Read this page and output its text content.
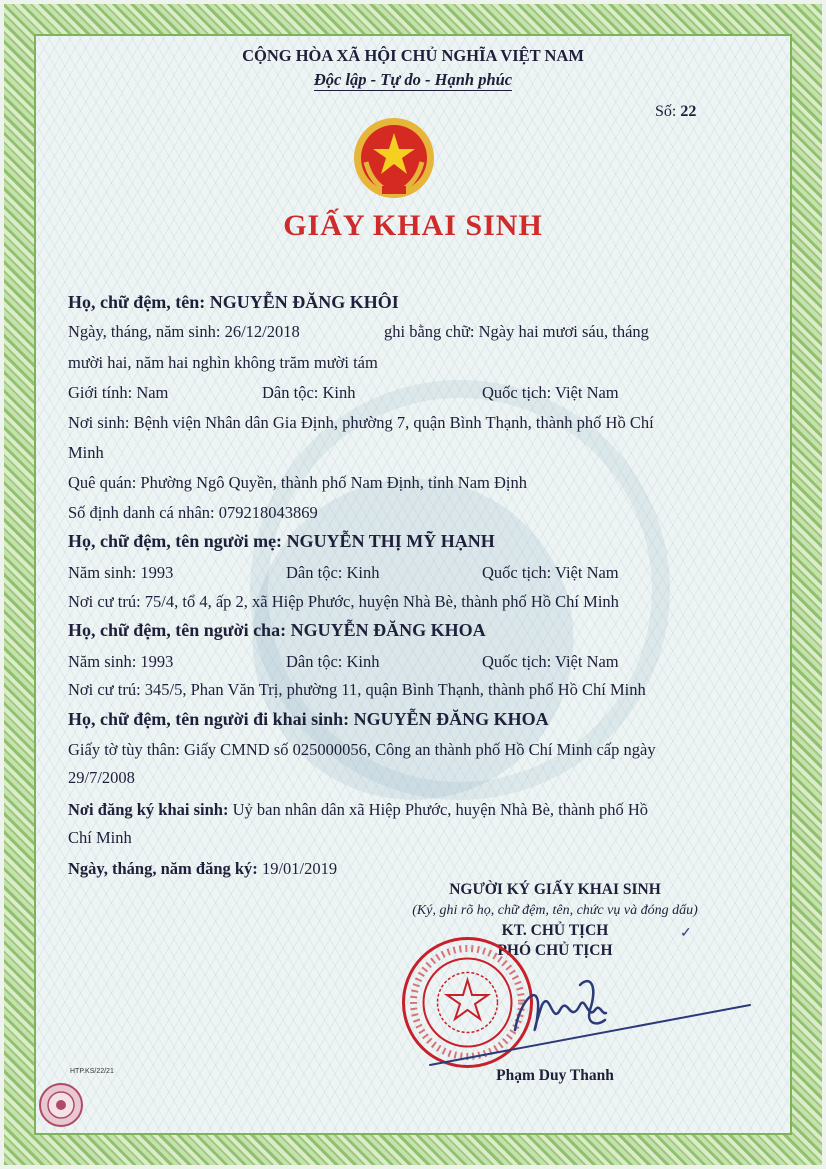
CỘNG HÒA XÃ HỘI CHỦ NGHĨA VIỆT NAM
Độc lập - Tự do - Hạnh phúc
Số: 22
GIẤY KHAI SINH
Họ, chữ đệm, tên: NGUYỄN ĐĂNG KHÔI
Ngày, tháng, năm sinh: 26/12/2018	ghi bằng chữ: Ngày hai mươi sáu, tháng
mười hai, năm hai nghìn không trăm mười tám
Giới tính: Nam	Dân tộc: Kinh	Quốc tịch: Việt Nam
Nơi sinh: Bệnh viện Nhân dân Gia Định, phường 7, quận Bình Thạnh, thành phố Hồ Chí
Minh
Quê quán: Phường Ngô Quyền, thành phố Nam Định, tỉnh Nam Định
Số định danh cá nhân: 079218043869
Họ, chữ đệm, tên người mẹ: NGUYỄN THỊ MỸ HẠNH
Năm sinh: 1993	Dân tộc: Kinh	Quốc tịch: Việt Nam
Nơi cư trú: 75/4, tổ 4, ấp 2, xã Hiệp Phước, huyện Nhà Bè, thành phố Hồ Chí Minh
Họ, chữ đệm, tên người cha: NGUYỄN ĐĂNG KHOA
Năm sinh: 1993	Dân tộc: Kinh	Quốc tịch: Việt Nam
Nơi cư trú: 345/5, Phan Văn Trị, phường 11, quận Bình Thạnh, thành phố Hồ Chí Minh
Họ, chữ đệm, tên người đi khai sinh: NGUYỄN ĐĂNG KHOA
Giấy tờ tùy thân: Giấy CMND số 025000056, Công an thành phố Hồ Chí Minh cấp ngày
29/7/2008
Nơi đăng ký khai sinh: Uỷ ban nhân dân xã Hiệp Phước, huyện Nhà Bè, thành phố Hồ
Chí Minh
Ngày, tháng, năm đăng ký: 19/01/2019
NGƯỜI KÝ GIẤY KHAI SINH
(Ký, ghi rõ họ, chữ đệm, tên, chức vụ và đóng dấu)
KT. CHỦ TỊCH
PHÓ CHỦ TỊCH
✓
Phạm Duy Thanh
HTP.KS/22/21
